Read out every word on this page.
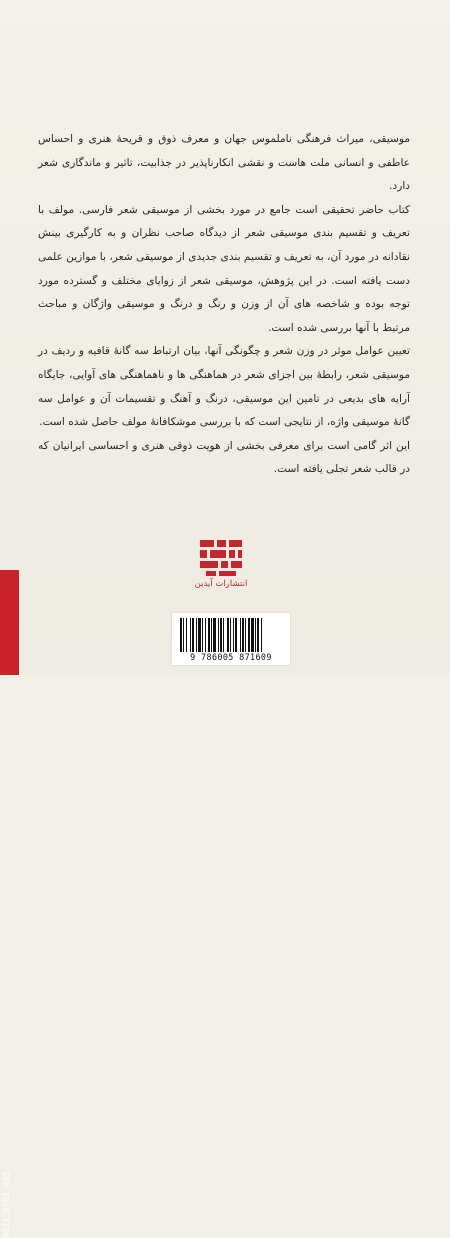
موسیقی، میراث فرهنگی ناملموس جهان و معرف ذوق و قریحهٔ هنری و احساس عاطفی و انسانی ملت هاست و نقشی انکارناپذیر در جذابیت، تاثیر و ماندگاری شعر دارد.

کتاب حاضر تحقیقی است جامع در مورد بخشی از موسیقی شعر فارسی. مولف با تعریف و تقسیم بندی موسیقی شعر از دیدگاه صاحب نظران و به کارگیری بینش نقادانه در مورد آن، به تعریف و تقسیم بندی جدیدی از موسیقی شعر، با موازین علمی دست یافته است. در این پژوهش، موسیقی شعر از زوایای مختلف و گسترده مورد توجه بوده و شاخصه های آن از وزن و رنگ و درنگ و موسیقی واژگان و مباحث مرتبط با آنها بررسی شده است.

تعیین عوامل موثر در وزن شعر و چگونگی آنها، بیان ارتباط سه گانهٔ قافیه و ردیف در موسیقی شعر، رابطهٔ بین اجزای شعر در هماهنگی ها و ناهماهنگی های آوایی، جایگاه آرایه های بدیعی در تامین این موسیقی، درنگ و آهنگ و تقسیمات آن و عوامل سه گانهٔ موسیقی واژه، از نتایجی است که با بررسی موشکافانهٔ مولف حاصل شده است.

این اثر گامی است برای معرفی بخشی از هویت ذوقی هنری و احساسی ایرانیان که در قالب شعر تجلی یافته است.

انتشارات آیدین
0921 8781 083
9 786005 871609
